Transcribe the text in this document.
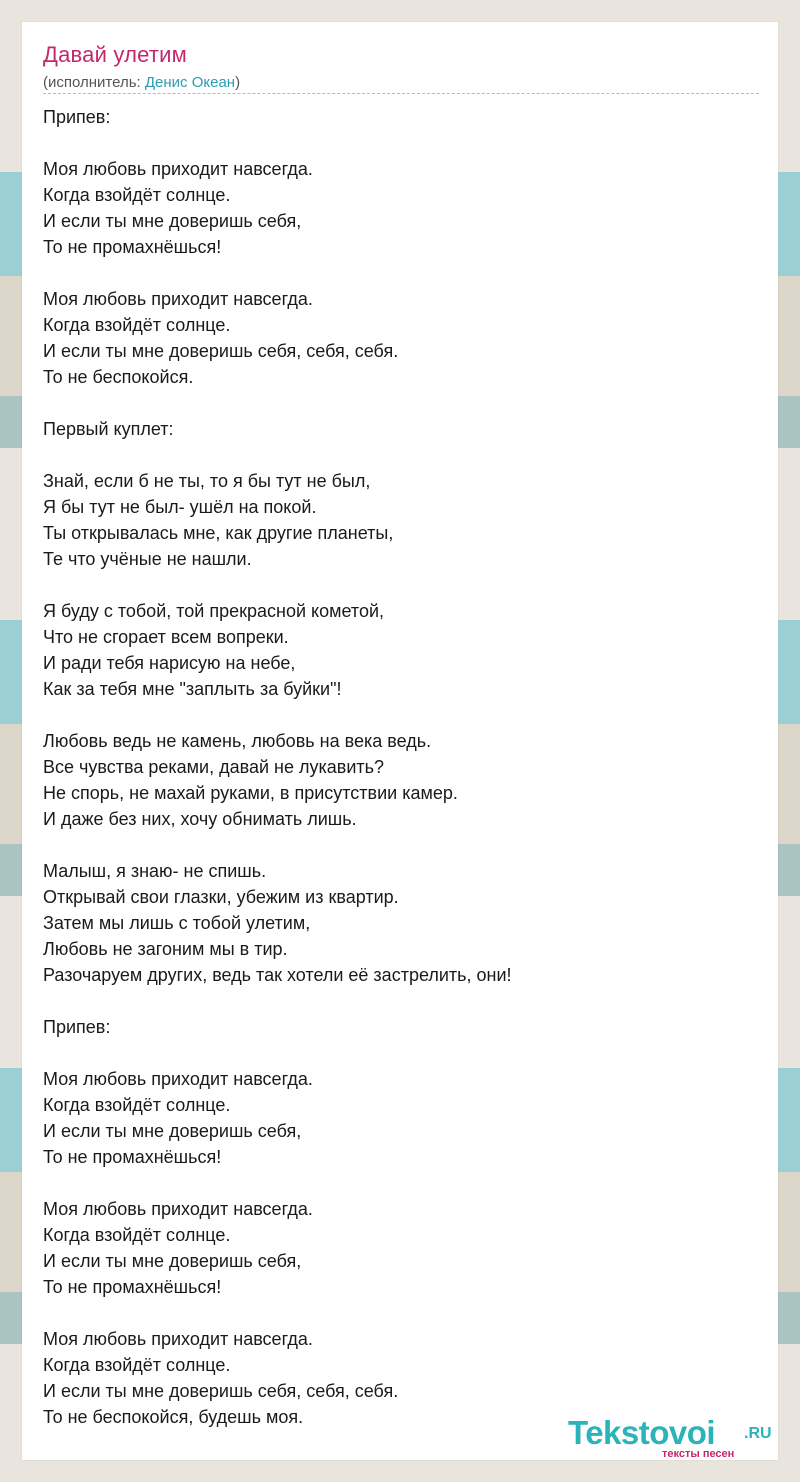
Давай улетим
(исполнитель: Денис Океан)
Припев:
Моя любовь приходит навсегда.
Когда взойдёт солнце.
И если ты мне доверишь себя,
То не промахнёшься!
Моя любовь приходит навсегда.
Когда взойдёт солнце.
И если ты мне доверишь себя, себя, себя.
То не беспокойся.
Первый куплет:
Знай, если б не ты, то я бы тут не был,
Я бы тут не был- ушёл на покой.
Ты открывалась мне, как другие планеты,
Те что учёные не нашли.
Я буду с тобой, той прекрасной кометой,
Что не сгорает всем вопреки.
И ради тебя нарисую на небе,
Как за тебя мне "заплыть за буйки"!
Любовь ведь не камень, любовь на века ведь.
Все чувства реками, давай не лукавить?
Не спорь, не махай руками, в присутствии камер.
И даже без них, хочу обнимать лишь.
Малыш, я знаю- не спишь.
Открывай свои глазки, убежим из квартир.
Затем мы лишь с тобой улетим,
Любовь не загоним мы в тир.
Разочаруем других, ведь так хотели её застрелить, они!
Припев:
Моя любовь приходит навсегда.
Когда взойдёт солнце.
И если ты мне доверишь себя,
То не промахнёшься!
Моя любовь приходит навсегда.
Когда взойдёт солнце.
И если ты мне доверишь себя,
То не промахнёшься!
Моя любовь приходит навсегда.
Когда взойдёт солнце.
И если ты мне доверишь себя, себя, себя.
То не беспокойся, будешь моя.	Tekstovoi .RU
тексты песен
